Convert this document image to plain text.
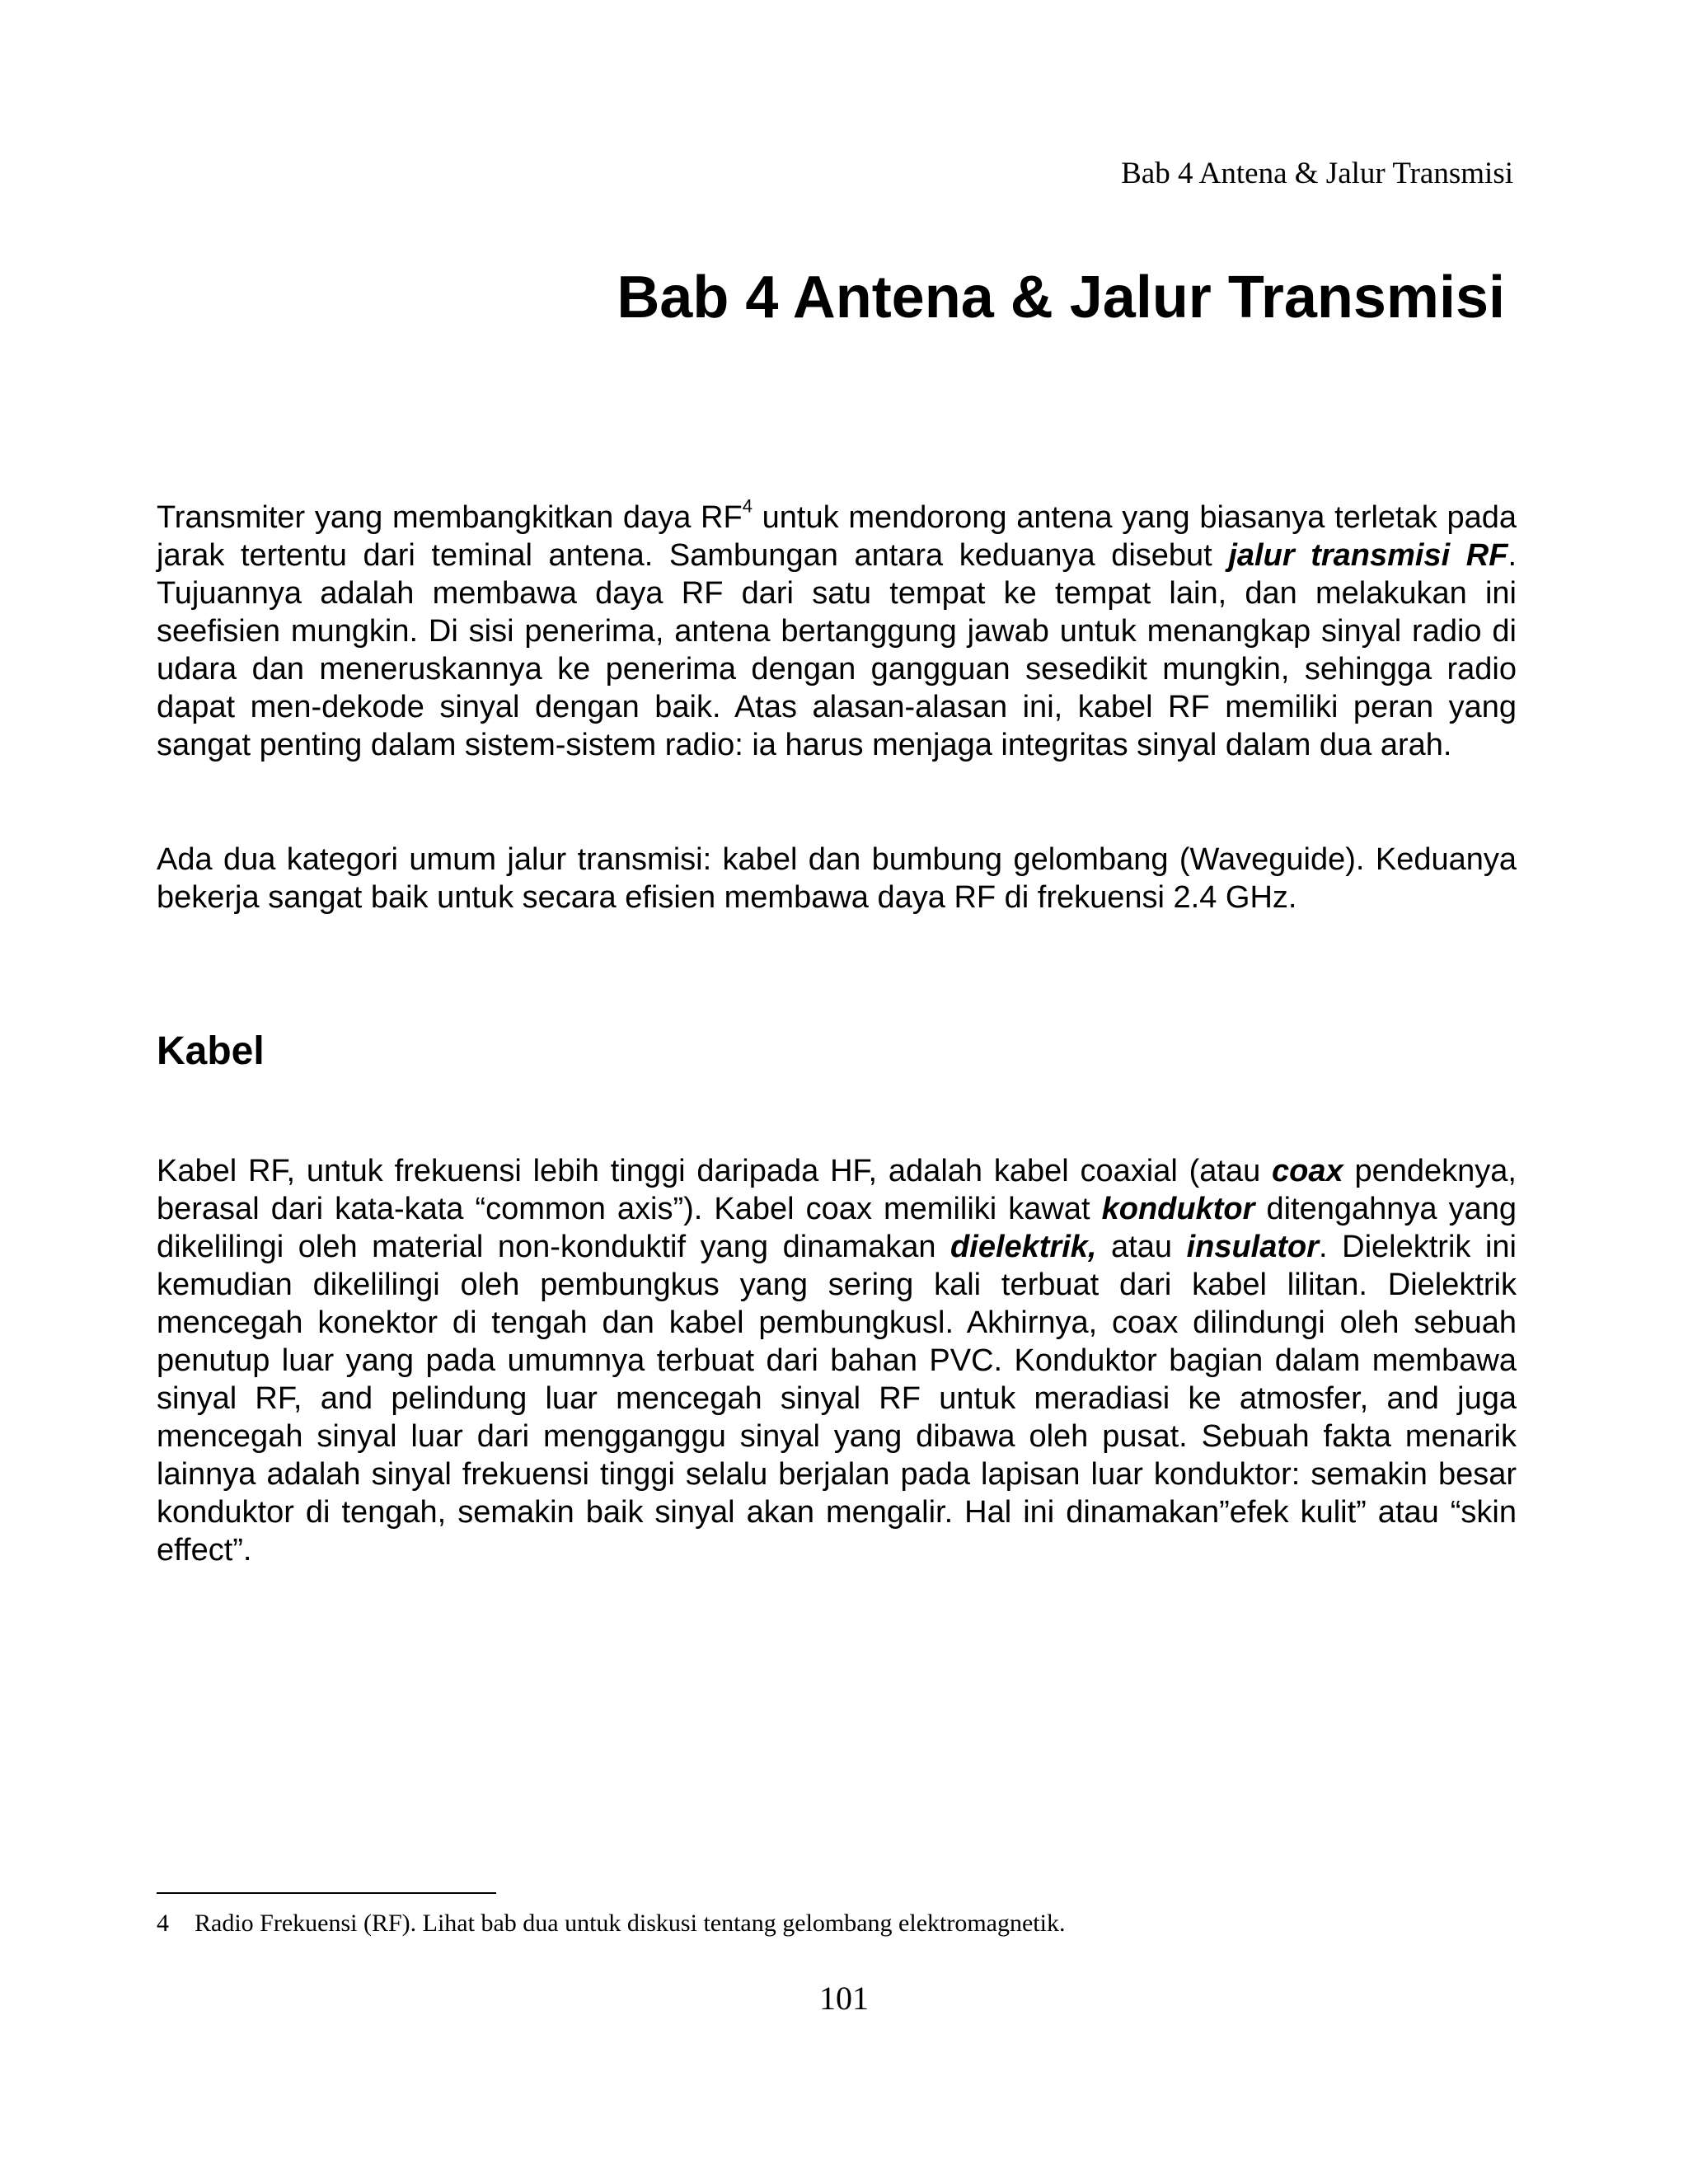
Bab 4 Antena & Jalur Transmisi
Bab 4 Antena & Jalur Transmisi

Transmiter yang membangkitkan daya $RF^4$ untuk mendorong antena yang biasanya terletak pada jarak tertentu dari teminal antena. Sambungan antara keduanya disebut jalur transmisi RF. Tujuannya adalah membawa daya RF dari satu tempat ke tempat lain, dan melakukan ini seefisien mungkin. Di sisi penerima, antena bertanggung jawab untuk menangkap sinyal radio di udara dan meneruskannya ke penerima dengan gangguan sesedikit mungkin, sehingga radio dapat men-dekode sinyal dengan baik. Atas alasan-alasan ini, kabel RF memiliki peran yang sangat penting dalam sistem-sistem radio: ia harus menjaga integritas sinyal dalam dua arah.

Ada dua kategori umum jalur transmisi: kabel dan bumbung gelombang (Waveguide). Keduanya bekerja sangat baik untuk secara efisien membawa daya RF di frekuensi 2.4 GHz.

Kabel

Kabel RF, untuk frekuensi lebih tinggi daripada HF, adalah kabel coaxial (atau coax pendeknya, berasal dari kata-kata “common axis”). Kabel coax memiliki kawat konduktor ditengahnya yang dikelilingi oleh material non-konduktif yang dinamakan dielektrik, atau insulator. Dielektrik ini kemudian dikelilingi oleh pembungkus yang sering kali terbuat dari kabel lilitan. Dielektrik mencegah konektor di tengah dan kabel pembungkusl. Akhirnya, coax dilindungi oleh sebuah penutup luar yang pada umumnya terbuat dari bahan PVC. Konduktor bagian dalam membawa sinyal RF, and pelindung luar mencegah sinyal RF untuk meradiasi ke atmosfer, and juga mencegah sinyal luar dari mengganggu sinyal yang dibawa oleh pusat. Sebuah fakta menarik lainnya adalah sinyal frekuensi tinggi selalu berjalan pada lapisan luar konduktor: semakin besar konduktor di tengah, semakin baik sinyal akan mengalir. Hal ini dinamakan”efek kulit” atau “skin effect”.

4 Radio Frekuensi (RF). Lihat bab dua untuk diskusi tentang gelombang elektromagnetik.
101
